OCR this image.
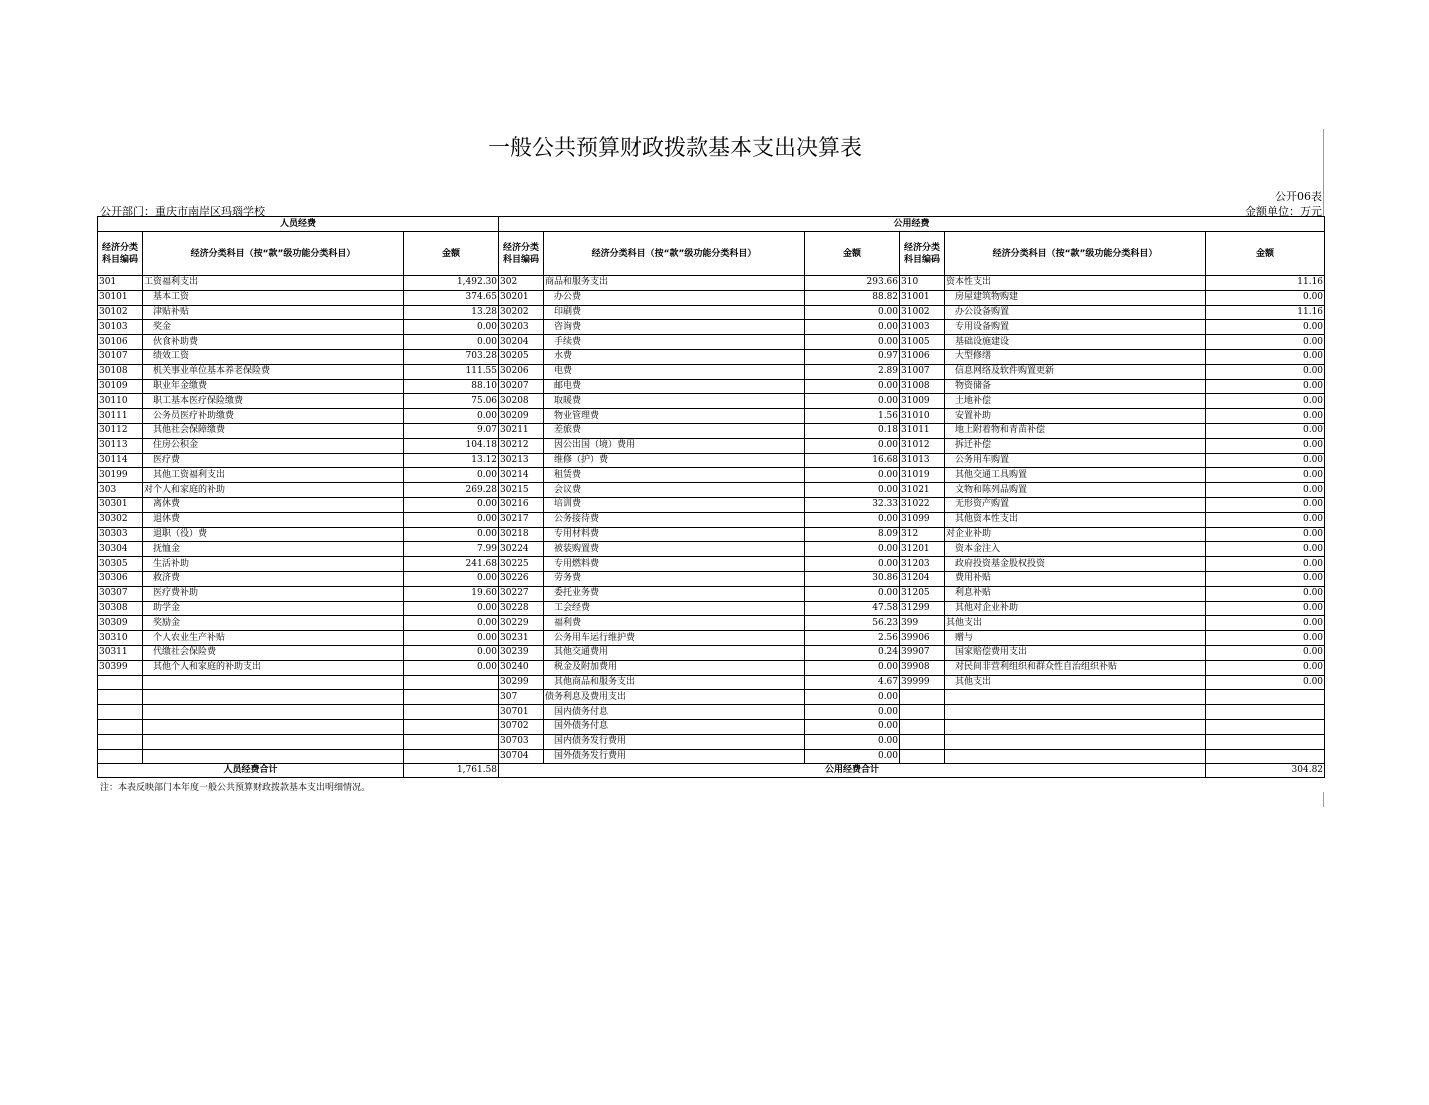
一般公共预算财政拨款基本支出决算表
公开06表
公开部门：重庆市南岸区玛瑙学校	金额单位：万元
人员经费			公用经费					
经济分类科目编码	经济分类科目（按“款”级功能分类科目）	金额	经济分类科目编码	经济分类科目（按“款”级功能分类科目）	金额	经济分类科目编码	经济分类科目（按“款”级功能分类科目）	金额
301	工资福利支出	1,492.30	302	商品和服务支出	293.66	310	资本性支出	11.16
30101	基本工资	374.65	30201	办公费	88.82	31001	房屋建筑物购建	0.00
30102	津贴补贴	13.28	30202	印刷费	0.00	31002	办公设备购置	11.16
30103	奖金	0.00	30203	咨询费	0.00	31003	专用设备购置	0.00
30106	伙食补助费	0.00	30204	手续费	0.00	31005	基础设施建设	0.00
30107	绩效工资	703.28	30205	水费	0.97	31006	大型修缮	0.00
30108	机关事业单位基本养老保险费	111.55	30206	电费	2.89	31007	信息网络及软件购置更新	0.00
30109	职业年金缴费	88.10	30207	邮电费	0.00	31008	物资储备	0.00
30110	职工基本医疗保险缴费	75.06	30208	取暖费	0.00	31009	土地补偿	0.00
30111	公务员医疗补助缴费	0.00	30209	物业管理费	1.56	31010	安置补助	0.00
30112	其他社会保障缴费	9.07	30211	差旅费	0.18	31011	地上附着物和青苗补偿	0.00
30113	住房公积金	104.18	30212	因公出国（境）费用	0.00	31012	拆迁补偿	0.00
30114	医疗费	13.12	30213	维修（护）费	16.68	31013	公务用车购置	0.00
30199	其他工资福利支出	0.00	30214	租赁费	0.00	31019	其他交通工具购置	0.00
303	对个人和家庭的补助	269.28	30215	会议费	0.00	31021	文物和陈列品购置	0.00
30301	离休费	0.00	30216	培训费	32.33	31022	无形资产购置	0.00
30302	退休费	0.00	30217	公务接待费	0.00	31099	其他资本性支出	0.00
30303	退职（役）费	0.00	30218	专用材料费	8.09	312	对企业补助	0.00
30304	抚恤金	7.99	30224	被装购置费	0.00	31201	资本金注入	0.00
30305	生活补助	241.68	30225	专用燃料费	0.00	31203	政府投资基金股权投资	0.00
30306	救济费	0.00	30226	劳务费	30.86	31204	费用补贴	0.00
30307	医疗费补助	19.60	30227	委托业务费	0.00	31205	利息补贴	0.00
30308	助学金	0.00	30228	工会经费	47.58	31299	其他对企业补助	0.00
30309	奖励金	0.00	30229	福利费	56.23	399	其他支出	0.00
30310	个人农业生产补贴	0.00	30231	公务用车运行维护费	2.56	39906	赠与	0.00
30311	代缴社会保险费	0.00	30239	其他交通费用	0.24	39907	国家赔偿费用支出	0.00
30399	其他个人和家庭的补助支出	0.00	30240	税金及附加费用	0.00	39908	对民间非营利组织和群众性自治组织补贴	0.00
			30299	其他商品和服务支出	4.67	39999	其他支出	0.00
			307	债务利息及费用支出	0.00			
			30701	国内债务付息	0.00			
			30702	国外债务付息	0.00			
			30703	国内债务发行费用	0.00			
			30704	国外债务发行费用	0.00			
人员经费合计		1,761.58	公用经费合计					304.82
注：本表反映部门本年度一般公共预算财政拨款基本支出明细情况。
